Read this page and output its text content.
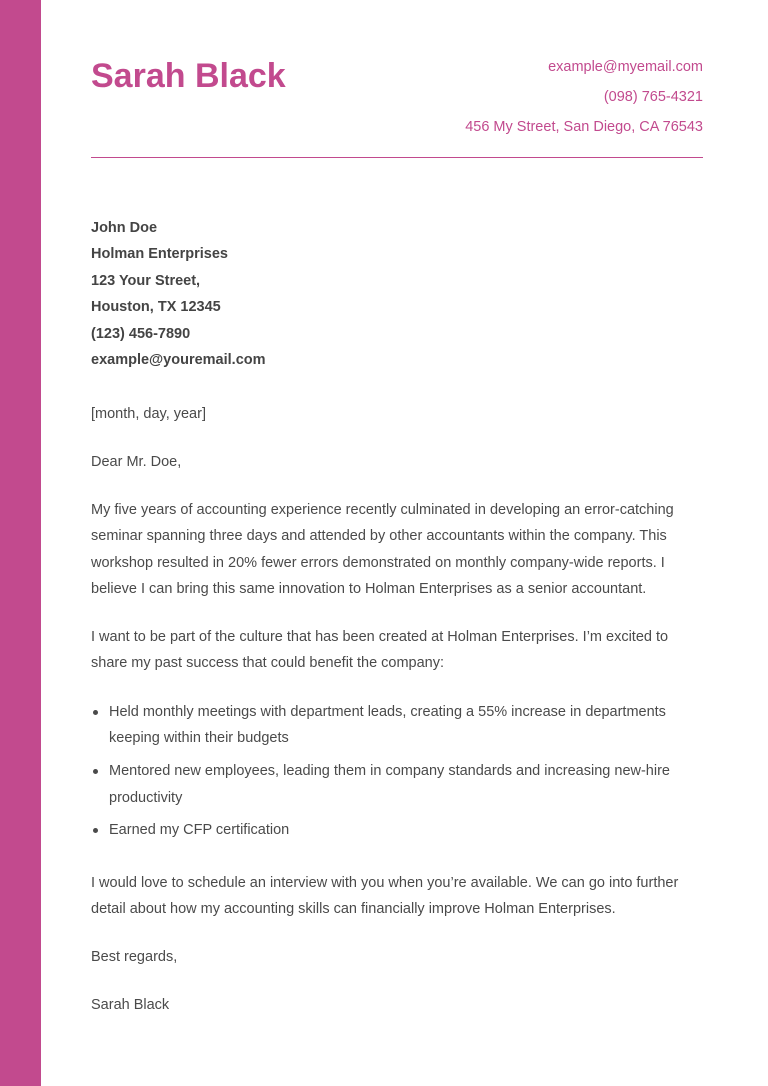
Sarah Black	example@myemail.com
(098) 765-4321
456 My Street, San Diego, CA 76543
John Doe
Holman Enterprises
123 Your Street,
Houston, TX 12345
(123) 456-7890
example@youremail.com

[month, day, year]

Dear Mr. Doe,

My five years of accounting experience recently culminated in developing an error-catching seminar spanning three days and attended by other accountants within the company. This workshop resulted in 20% fewer errors demonstrated on monthly company-wide reports. I believe I can bring this same innovation to Holman Enterprises as a senior accountant.

I want to be part of the culture that has been created at Holman Enterprises. I’m excited to share my past success that could benefit the company:

Held monthly meetings with department leads, creating a 55% increase in departments keeping within their budgets
Mentored new employees, leading them in company standards and increasing new-hire productivity
Earned my CFP certification

I would love to schedule an interview with you when you’re available. We can go into further detail about how my accounting skills can financially improve Holman Enterprises.

Best regards,

Sarah Black
